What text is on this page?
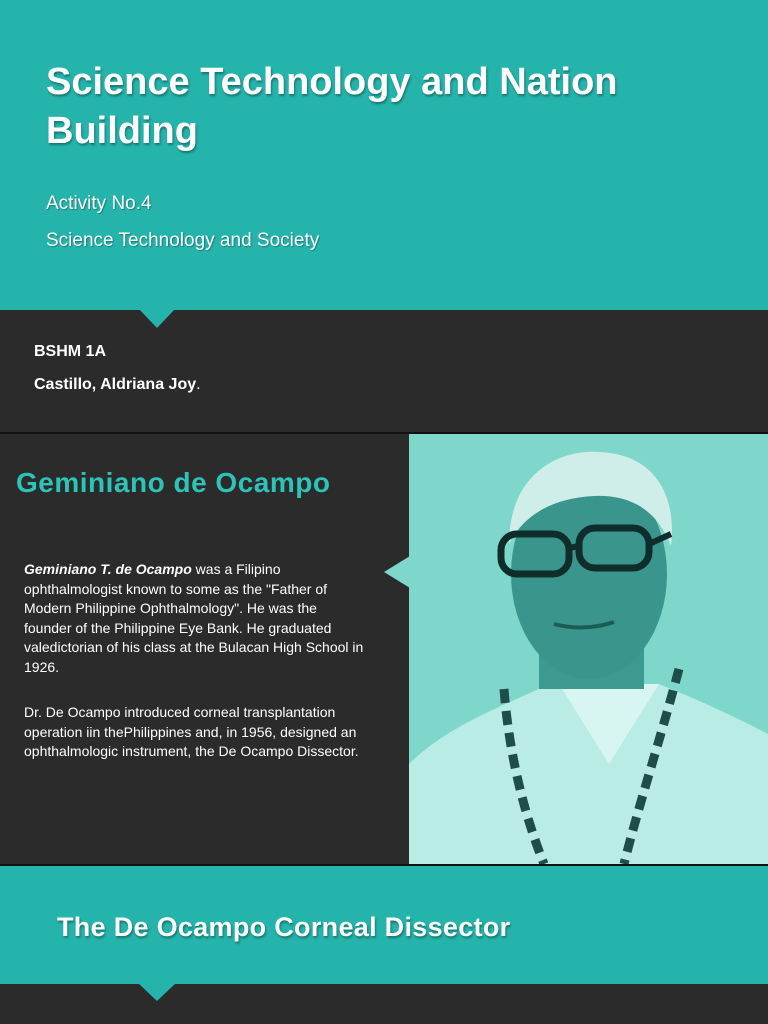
Science Technology and Nation Building
Activity No.4
Science Technology and Society
BSHM 1A
Castillo, Aldriana Joy.
Geminiano de Ocampo

Geminiano T. de Ocampo was a Filipino ophthalmologist known to some as the "Father of Modern Philippine Ophthalmology". He was the founder of the Philippine Eye Bank. He graduated valedictorian of his class at the Bulacan High School in 1926.

Dr. De Ocampo introduced corneal transplantation operation iin thePhilippines and, in 1956, designed an ophthalmologic instrument, the De Ocampo Dissector.

The De Ocampo Corneal Dissector
